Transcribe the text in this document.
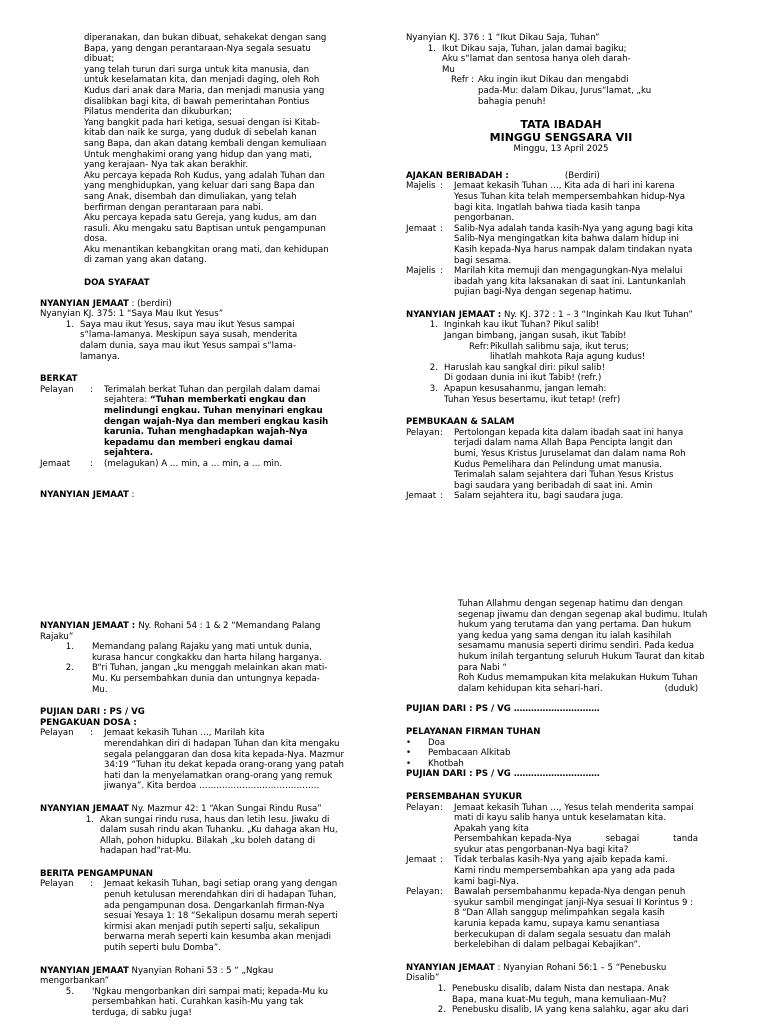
diperanakan, dan bukan dibuat, sehakekat dengan sang

Bapa, yang dengan perantaraan-Nya segala sesuatu

dibuat;

yang telah turun dari surga untuk kita manusia, dan

untuk keselamatan kita, dan menjadi daging, oleh Roh

Kudus dari anak dara Maria, dan menjadi manusia yang

disalibkan bagi kita, di bawah pemerintahan Pontius

Pilatus menderita dan dikuburkan;

Yang bangkit pada hari ketiga, sesuai dengan isi Kitab-

kitab dan naik ke surga, yang duduk di sebelah kanan

sang Bapa, dan akan datang kembali dengan kemuliaan

Untuk menghakimi orang yang hidup dan yang mati,

yang kerajaan- Nya tak akan berakhir.

Aku percaya kepada Roh Kudus, yang adalah Tuhan dan

yang menghidupkan, yang keluar dari sang Bapa dan

sang Anak, disembah dan dimuliakan, yang telah

berfirman dengan perantaraan para nabi.

Aku percaya kepada satu Gereja, yang kudus, am dan

rasuli. Aku mengaku satu Baptisan untuk pengampunan

dosa.

Aku menantikan kebangkitan orang mati, dan kehidupan

di zaman yang akan datang.

DOA SYAFAAT

NYANYIAN JEMAAT : (berdiri)

Nyanyian KJ. 375: 1 “Saya Mau Ikut Yesus”

1. Saya mau ikut Yesus, saya mau ikut Yesus sampai

s“lama-lamanya. Meskipun saya susah, menderita

dalam dunia, saya mau ikut Yesus sampai s“lama-

lamanya.

BERKAT

Pelayan	:	Terimalah berkat Tuhan dan pergilah dalam damai

sejahtera: “Tuhan memberkati engkau dan

melindungi engkau. Tuhan menyinari engkau

dengan wajah-Nya dan memberi engkau kasih

karunia. Tuhan menghadapkan wajah-Nya

kepadamu dan memberi engkau damai

sejahtera.

Jemaat	:	(melagukan) A … min, a … min, a … min.

NYANYIAN JEMAAT :

Nyanyian KJ. 376 : 1 “Ikut Dikau Saja, Tuhan”

1. Ikut Dikau saja, Tuhan, jalan damai bagiku;

Aku s“lamat dan sentosa hanya oleh darah-

Mu

Refr : Aku ingin ikut Dikau dan mengabdi

pada-Mu: dalam Dikau, Jurus“lamat, „ku

bahagia penuh!

TATA IBADAH

MINGGU SENGSARA VII

Minggu, 13 April 2025

AJAKAN BERIBADAH :	(Berdiri)

Majelis :	Jemaat kekasih Tuhan …, Kita ada di hari ini karena

Yesus Tuhan kita telah mempersembahkan hidup-Nya

bagi kita. Ingatlah bahwa tiada kasih tanpa

pengorbanan.

Jemaat :	Salib-Nya adalah tanda kasih-Nya yang agung bagi kita

Salib-Nya mengingatkan kita bahwa dalam hidup ini

Kasih kepada-Nya harus nampak dalam tindakan nyata

bagi sesama.

Majelis :	Marilah kita memuji dan mengagungkan-Nya melalui

ibadah yang kita laksanakan di saat ini. Lantunkanlah

pujian bagi-Nya dengan segenap hatimu.

NYANYIAN JEMAAT : Ny. KJ. 372 : 1 – 3 “Inginkah Kau Ikut Tuhan”

1. Inginkah kau ikut Tuhan? Pikul salib!

Jangan bimbang, jangan susah, ikut Tabib!

Refr: Pikullah salibmu saja, ikut terus;

lihatlah mahkota Raja agung kudus!

2. Haruslah kau sangkal diri: pikul salib!

Di godaan dunia ini ikut Tabib! (refr.)

3. Apapun kesusahanmu, jangan lemah:

Tuhan Yesus besertamu, ikut tetap! (refr)

PEMBUKAAN & SALAM

Pelayan :	Pertolongan kepada kita dalam ibadah saat ini hanya

terjadi dalam nama Allah Bapa Pencipta langit dan

bumi, Yesus Kristus Juruselamat dan dalam nama Roh

Kudus Pemelihara dan Pelindung umat manusia.

Terimalah salam sejahtera dari Tuhan Yesus Kristus

bagi saudara yang beribadah di saat ini. Amin

Jemaat :	Salam sejahtera itu, bagi saudara juga.

NYANYIAN JEMAAT : Ny. Rohani 54 : 1 & 2 “Memandang Palang

Rajaku”

1.	Memandang palang Rajaku yang mati untuk dunia,

kurasa hancur congkakku dan harta hilang harganya.

2.	B“ri Tuhan, jangan „ku menggah melainkan akan mati-

Mu. Ku persembahkan dunia dan untungnya kepada-

Mu.

PUJIAN DARI : PS / VG

PENGAKUAN DOSA :

Pelayan	:	Jemaat kekasih Tuhan …, Marilah kita

merendahkan diri di hadapan Tuhan dan kita mengaku

segala pelanggaran dan dosa kita kepada-Nya. Mazmur

34:19 “Tuhan itu dekat kepada orang-orang yang patah

hati dan la menyelamatkan orang-orang yang remuk

jiwanya”. Kita berdoa ……………………………………

NYANYIAN JEMAAT Ny. Mazmur 42: 1 “Akan Sungai Rindu Rusa”

1. Akan sungai rindu rusa, haus dan letih lesu. Jiwaku di

dalam susah rindu akan Tuhanku. „Ku dahaga akan Hu,

Allah, pohon hidupku. Bilakah „ku boleh datang di

hadapan had“rat-Mu.

BERITA PENGAMPUNAN

Pelayan	:	Jemaat kekasih Tuhan, bagi setiap orang yang dengan

penuh ketulusan merendahkan diri di hadapan Tuhan,

ada pengampunan dosa. Dengarkanlah firman-Nya

sesuai Yesaya 1: 18 “Sekalipun dosamu merah seperti

kirmisi akan menjadi putih seperti salju, sekalipun

berwarna merah seperti kain kesumba akan menjadi

putih seperti bulu Domba”.

NYANYIAN JEMAAT Nyanyian Rohani 53 : 5 “ „Ngkau

mengorbankan”

5.	'Ngkau mengorbankan diri sampai mati; kepada-Mu ku

persembahkan hati. Curahkan kasih-Mu yang tak

terduga, di sabku juga!

Tuhan Allahmu dengan segenap hatimu dan dengan

segenap jiwamu dan dengan segenap akal budimu. Itulah

hukum yang terutama dan yang pertama. Dan hukum

yang kedua yang sama dengan itu ialah kasihilah

sesamamu manusia seperti dirimu sendiri. Pada kedua

hukum inilah tergantung seluruh Hukum Taurat dan kitab

para Nabi “

Roh Kudus memampukan kita melakukan Hukum Tuhan

dalam kehidupan kita sehari-hari.	(duduk)

PUJIAN DARI : PS / VG …………………………

PELAYANAN FIRMAN TUHAN

•	Doa
•	Pembacaan Alkitab
•	Khotbah

PUJIAN DARI : PS / VG …………………………

PERSEMBAHAN SYUKUR

Pelayan :	Jemaat kekasih Tuhan …, Yesus telah menderita sampai

mati di kayu salib hanya untuk keselamatan kita.

Apakah yang kita

Persembahkan kepada-Nya	sebagai	tanda

syukur atas pengorbanan-Nya bagi kita?

Jemaat :	Tidak terbalas kasih-Nya yang ajaib kepada kami.

Kami rindu mempersembahkan apa yang ada pada

kami bagi-Nya.

Pelayan :	Bawalah persembahanmu kepada-Nya dengan penuh

syukur sambil mengingat janji-Nya sesuai II Korintus 9 :

8 “Dan Allah sanggup melimpahkan segala kasih

karunia kepada kamu, supaya kamu senantiasa

berkecukupan di dalam segala sesuatu dan malah

berkelebihan di dalam pelbagai Kebajikan”.

NYANYIAN JEMAAT : Nyanyian Rohani 56:1 – 5 “Penebusku

Disalib”

1. Penebusku disalib, dalam Nista dan nestapa. Anak

Bapa, mana kuat-Mu teguh, mana kemuliaan-Mu?

2. Penebusku disalib, IA yang kena salahku, agar aku dari
